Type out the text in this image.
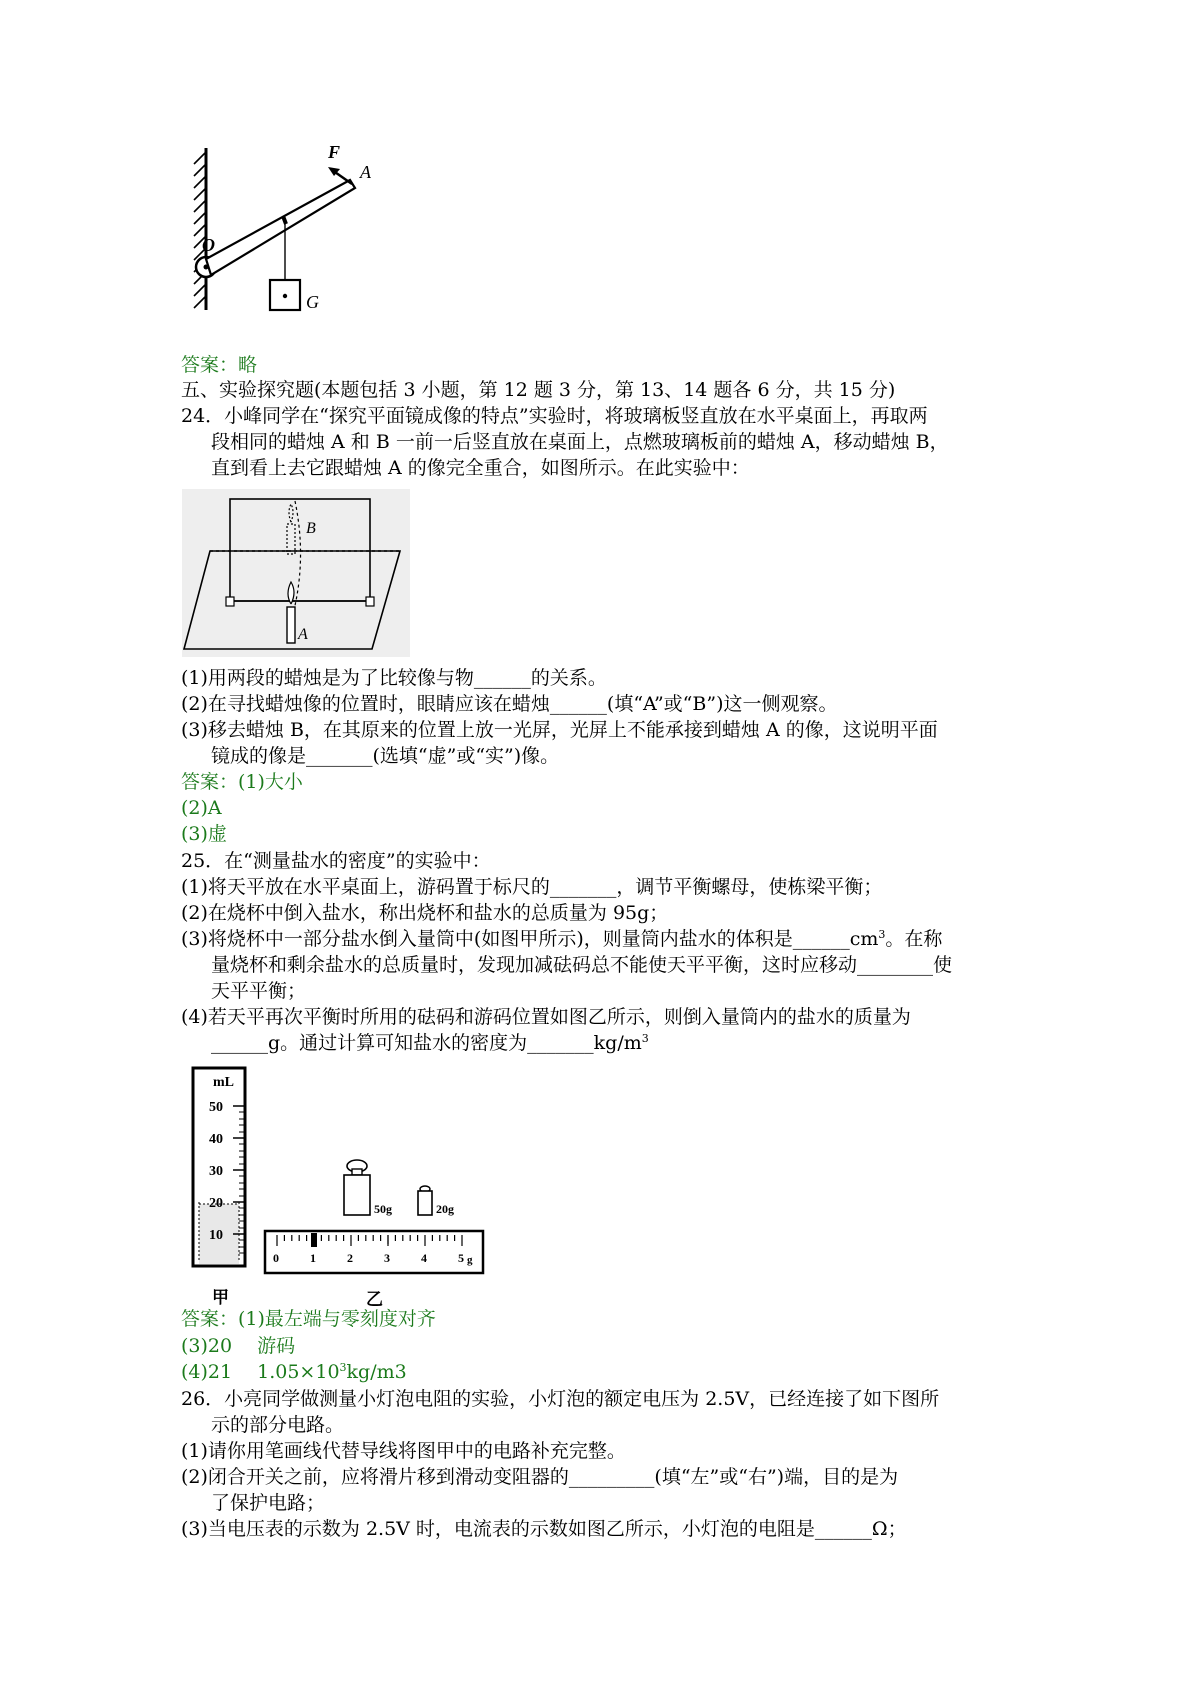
F
A
O
G
答案：略
五、实验探究题(本题包括 3 小题，第 12 题 3 分，第 13、14 题各 6 分，共 15 分)
24．小峰同学在“探究平面镜成像的特点”实验时，将玻璃板竖直放在水平桌面上，再取两
段相同的蜡烛 A 和 B 一前一后竖直放在桌面上，点燃玻璃板前的蜡烛 A，移动蜡烛 B，
直到看上去它跟蜡烛 A 的像完全重合，如图所示。在此实验中：
B
A
(1)用两段的蜡烛是为了比较像与物______的关系。
(2)在寻找蜡烛像的位置时，眼睛应该在蜡烛______(填“A”或“B”)这一侧观察。
(3)移去蜡烛 B，在其原来的位置上放一光屏，光屏上不能承接到蜡烛 A 的像，这说明平面
镜成的像是_______(选填“虚”或“实”)像。
答案：(1)大小
(2)A
(3)虚
25．在“测量盐水的密度”的实验中：
(1)将天平放在水平桌面上，游码置于标尺的_______，调节平衡螺母，使栋梁平衡；
(2)在烧杯中倒入盐水，称出烧杯和盐水的总质量为 95g；
(3)将烧杯中一部分盐水倒入量筒中(如图甲所示)，则量筒内盐水的体积是$\_\_\_\_\_\_cm^3$。在称
量烧杯和剩余盐水的总质量时，发现加减砝码总不能使天平平衡，这时应移动________使
天平平衡；
(4)若天平再次平衡时所用的砝码和游码位置如图乙所示，则倒入量筒内的盐水的质量为
______g。通过计算可知盐水的密度为$\_\_\_\_\_\_\_kg/m^3$
mL
50
40
30
20
10
甲
50g	20g
0	1	2	3	4	5 g
乙
答案：(1)最左端与零刻度对齐
(3)20　 游码
(4)21　 $1.05\times 10^3kg/m3$
26．小亮同学做测量小灯泡电阻的实验，小灯泡的额定电压为 2.5V，已经连接了如下图所
示的部分电路。
(1)请你用笔画线代替导线将图甲中的电路补充完整。
(2)闭合开关之前，应将滑片移到滑动变阻器的_________(填“左”或“右”)端，目的是为
了保护电路；
(3)当电压表的示数为 2.5V 时，电流表的示数如图乙所示，小灯泡的电阻是______Ω；
